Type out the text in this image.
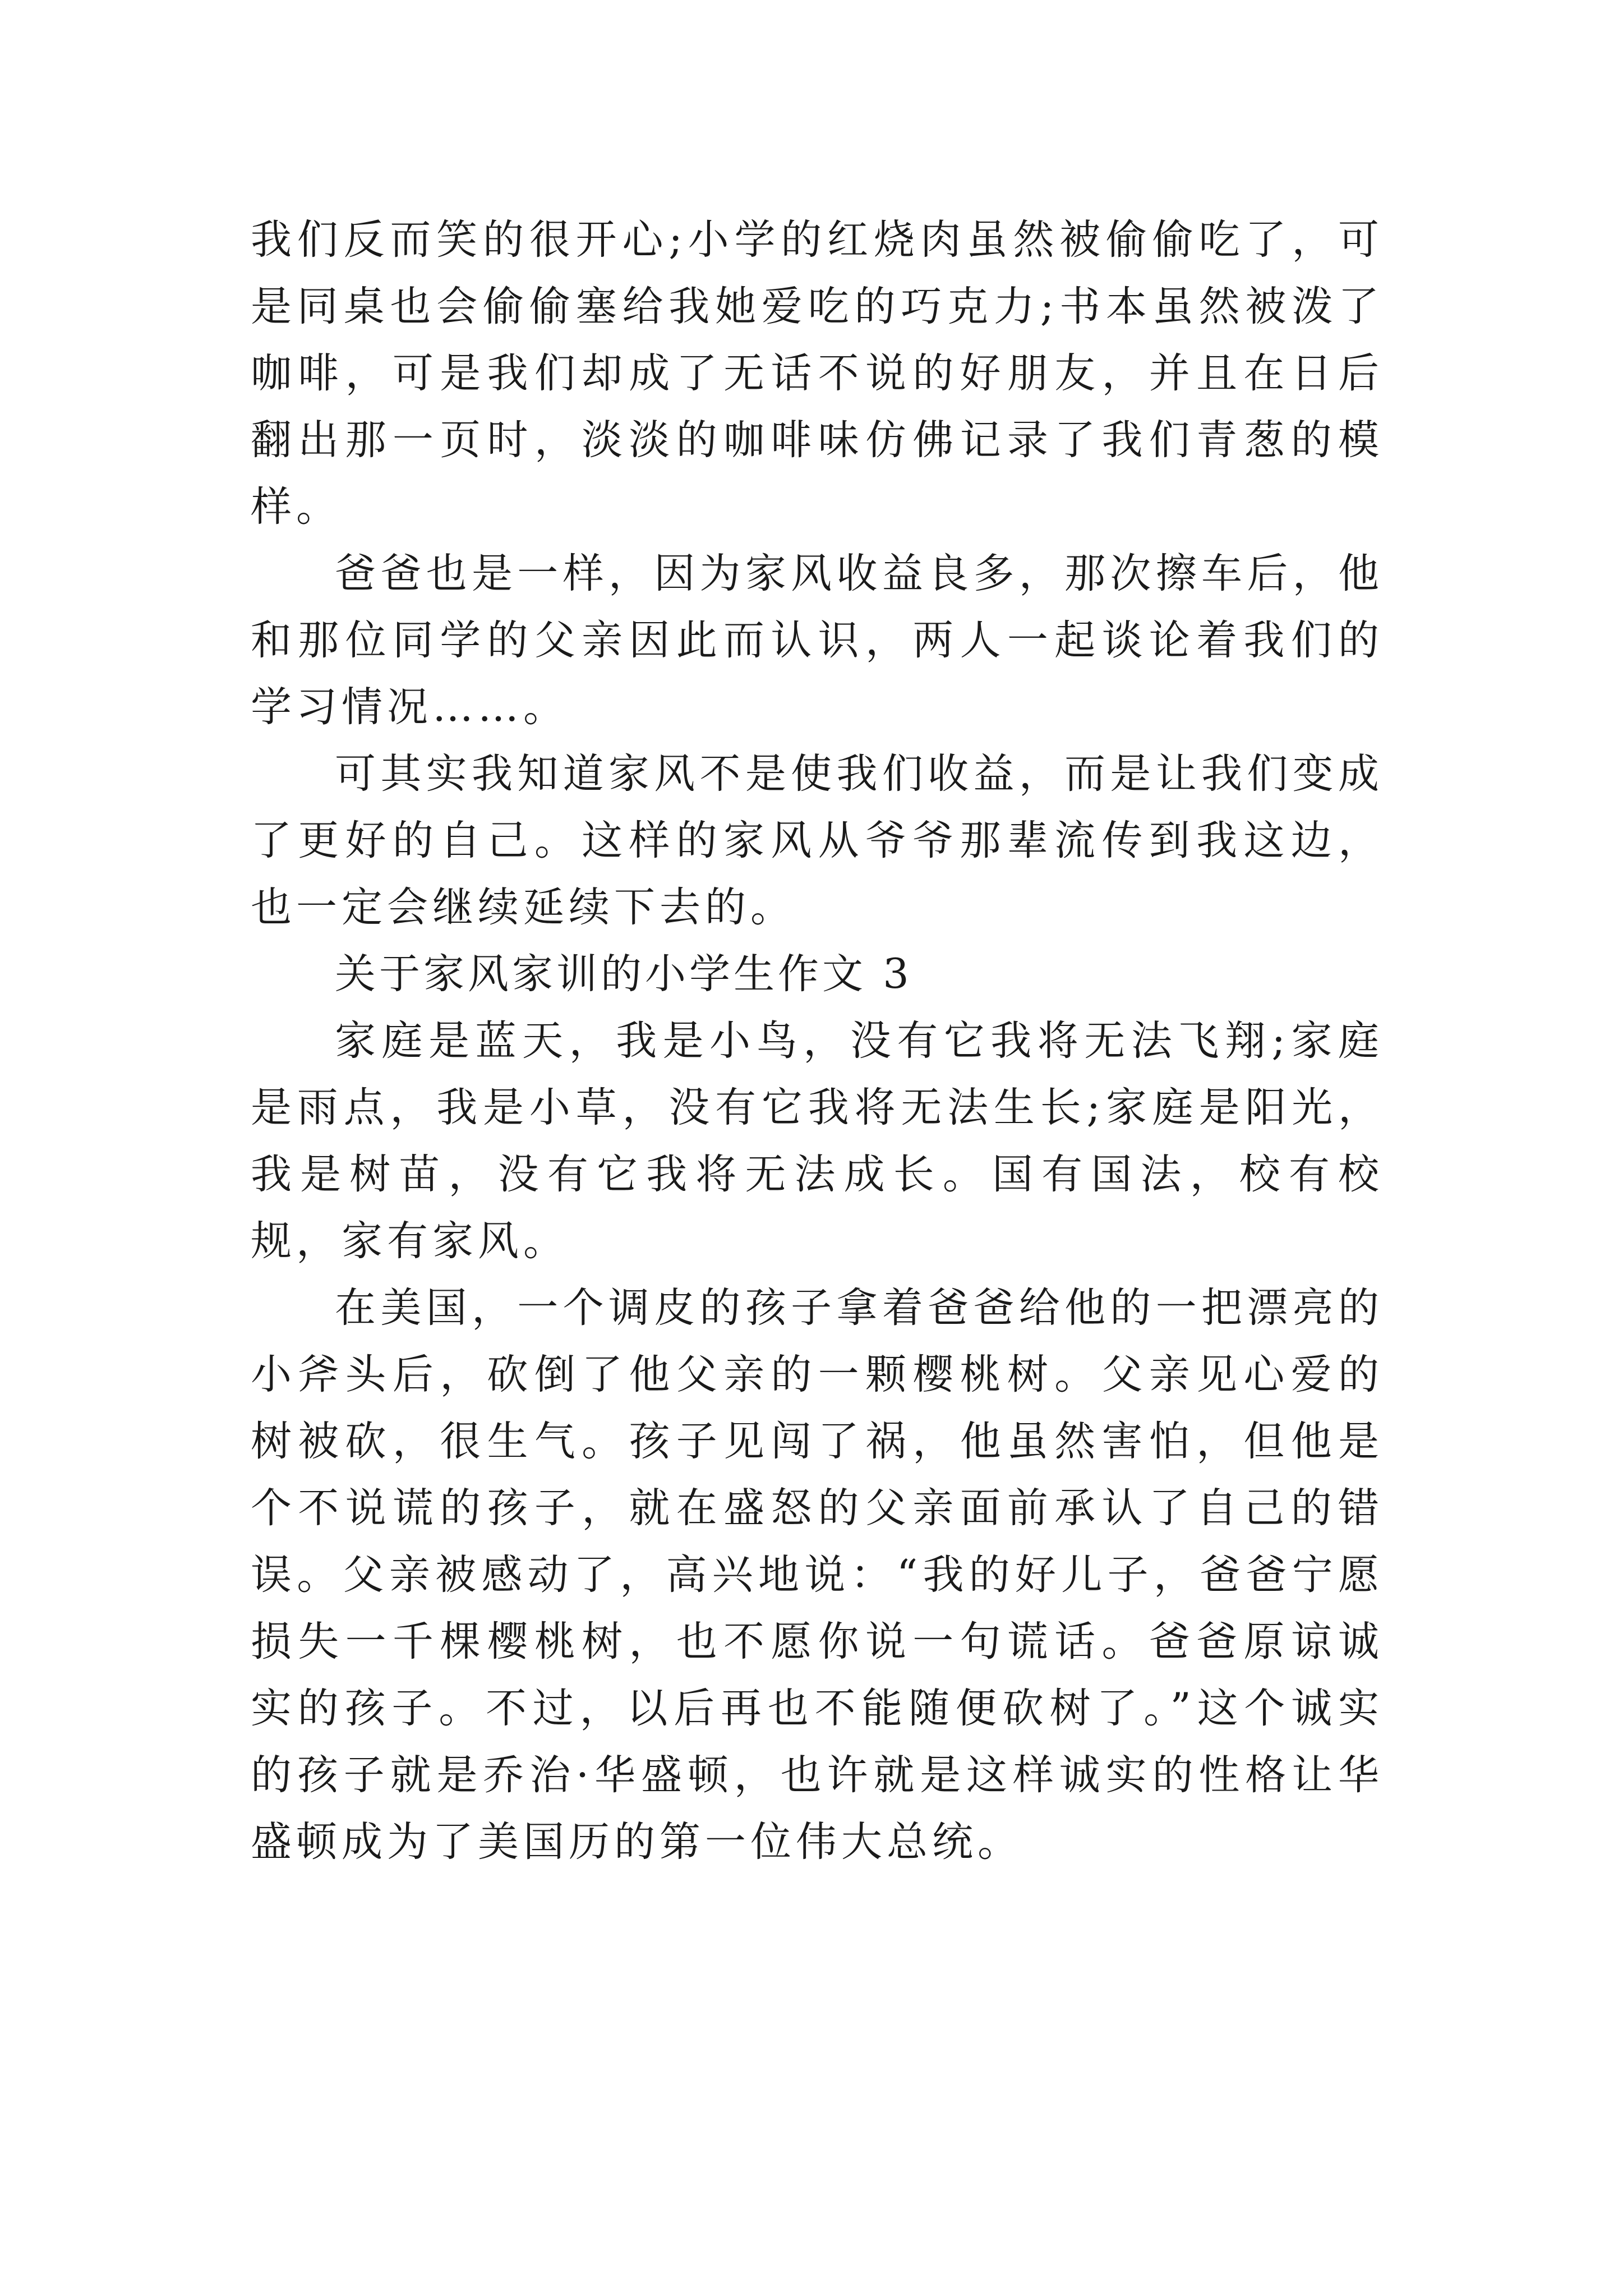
我们反而笑的很开心;小学的红烧肉虽然被偷偷吃了，可是同桌也会偷偷塞给我她爱吃的巧克力;书本虽然被泼了咖啡，可是我们却成了无话不说的好朋友，并且在日后翻出那一页时，淡淡的咖啡味仿佛记录了我们青葱的模样。

爸爸也是一样，因为家风收益良多，那次擦车后，他和那位同学的父亲因此而认识，两人一起谈论着我们的学习情况……。

可其实我知道家风不是使我们收益，而是让我们变成了更好的自己。这样的家风从爷爷那辈流传到我这边，也一定会继续延续下去的。

关于家风家训的小学生作文 3

家庭是蓝天，我是小鸟，没有它我将无法飞翔;家庭是雨点，我是小草，没有它我将无法生长;家庭是阳光，我是树苗，没有它我将无法成长。国有国法，校有校规，家有家风。

在美国，一个调皮的孩子拿着爸爸给他的一把漂亮的小斧头后，砍倒了他父亲的一颗樱桃树。父亲见心爱的树被砍，很生气。孩子见闯了祸，他虽然害怕，但他是个不说谎的孩子，就在盛怒的父亲面前承认了自己的错误。父亲被感动了，高兴地说：“我的好儿子，爸爸宁愿损失一千棵樱桃树，也不愿你说一句谎话。爸爸原谅诚实的孩子。不过，以后再也不能随便砍树了。”这个诚实的孩子就是乔治·华盛顿，也许就是这样诚实的性格让华盛顿成为了美国历的第一位伟大总统。
